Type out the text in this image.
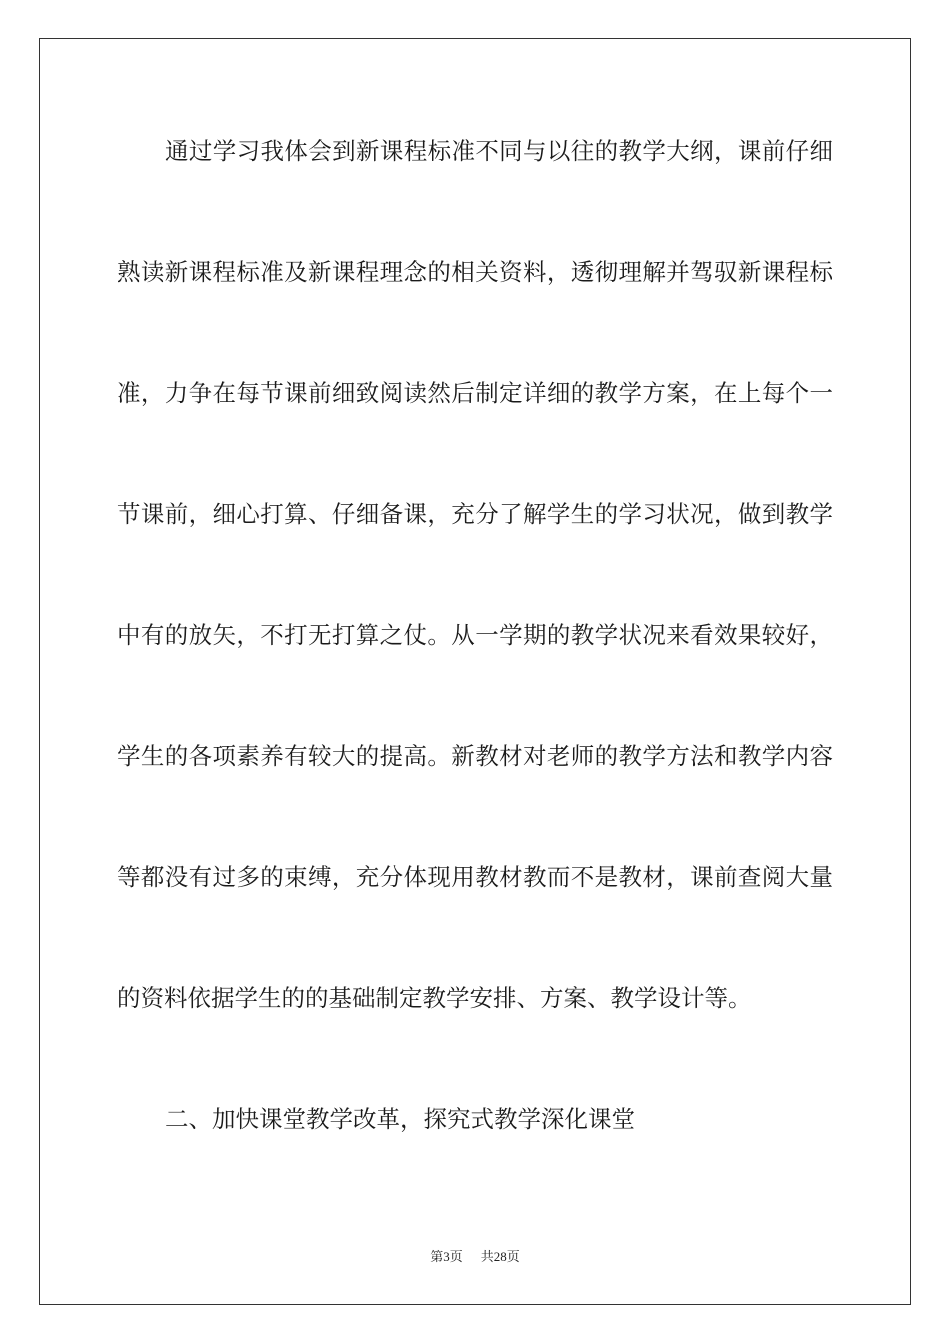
通过学习我体会到新课程标准不同与以往的教学大纲，课前仔细

熟读新课程标准及新课程理念的相关资料，透彻理解并驾驭新课程标

准，力争在每节课前细致阅读然后制定详细的教学方案，在上每个一

节课前，细心打算、仔细备课，充分了解学生的学习状况，做到教学

中有的放矢，不打无打算之仗。从一学期的教学状况来看效果较好，

学生的各项素养有较大的提高。新教材对老师的教学方法和教学内容

等都没有过多的束缚，充分体现用教材教而不是教材，课前查阅大量

的资料依据学生的的基础制定教学安排、方案、教学设计等。

二、加快课堂教学改革，探究式教学深化课堂

第3页 共28页
